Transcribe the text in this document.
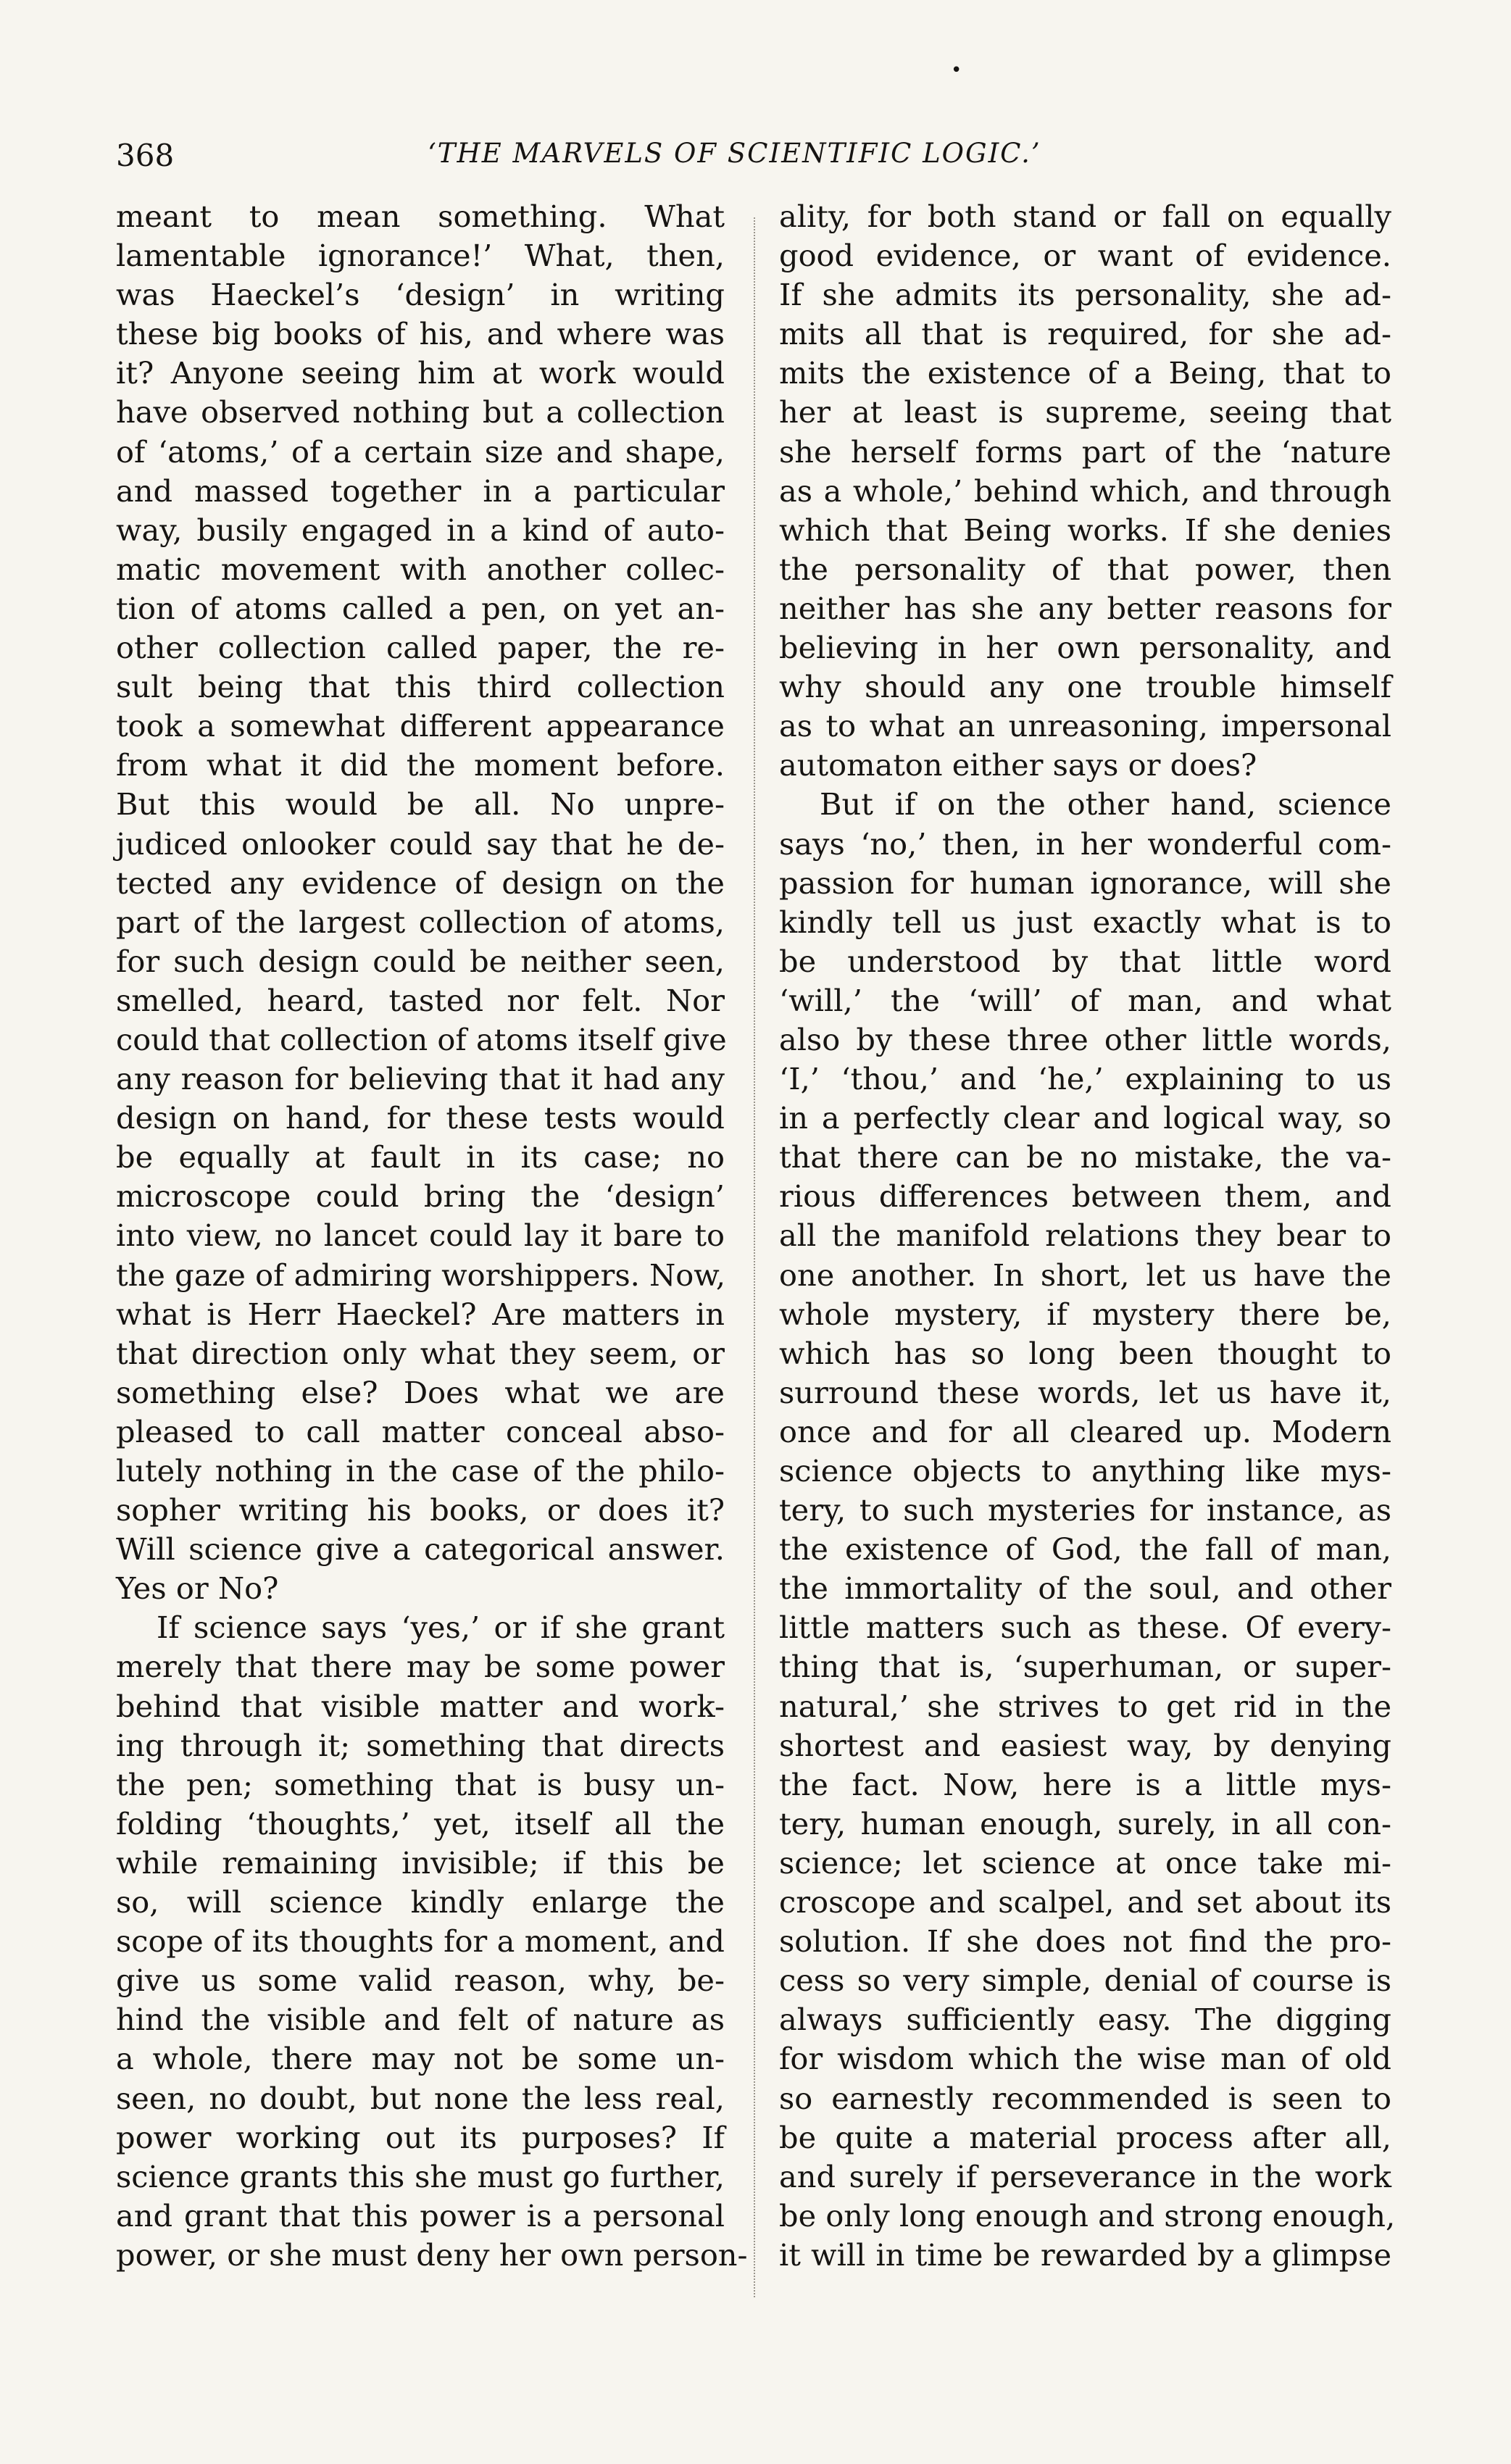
•
368	‘THE MARVELS OF SCIENTIFIC LOGIC.’
meant to mean something. What
lamentable ignorance!’ What, then,
was Haeckel’s ‘design’ in writing
these big books of his, and where was
it? Anyone seeing him at work would
have observed nothing but a collection
of ‘atoms,’ of a certain size and shape,
and massed together in a particular
way, busily engaged in a kind of auto-
matic movement with another collec-
tion of atoms called a pen, on yet an-
other collection called paper, the re-
sult being that this third collection
took a somewhat different appearance
from what it did the moment before.
But this would be all. No unpre-
judiced onlooker could say that he de-
tected any evidence of design on the
part of the largest collection of atoms,
for such design could be neither seen,
smelled, heard, tasted nor felt. Nor
could that collection of atoms itself give
any reason for believing that it had any
design on hand, for these tests would
be equally at fault in its case; no
microscope could bring the ‘design’
into view, no lancet could lay it bare to
the gaze of admiring worshippers. Now,
what is Herr Haeckel? Are matters in
that direction only what they seem, or
something else? Does what we are
pleased to call matter conceal abso-
lutely nothing in the case of the philo-
sopher writing his books, or does it?
Will science give a categorical answer.
Yes or No?
If science says ‘yes,’ or if she grant
merely that there may be some power
behind that visible matter and work-
ing through it; something that directs
the pen; something that is busy un-
folding ‘thoughts,’ yet, itself all the
while remaining invisible; if this be
so, will science kindly enlarge the
scope of its thoughts for a moment, and
give us some valid reason, why, be-
hind the visible and felt of nature as
a whole, there may not be some un-
seen, no doubt, but none the less real,
power working out its purposes? If
science grants this she must go further,
and grant that this power is a personal
power, or she must deny her own person-
ality, for both stand or fall on equally
good evidence, or want of evidence.
If she admits its personality, she ad-
mits all that is required, for she ad-
mits the existence of a Being, that to
her at least is supreme, seeing that
she herself forms part of the ‘nature
as a whole,’ behind which, and through
which that Being works. If she denies
the personality of that power, then
neither has she any better reasons for
believing in her own personality, and
why should any one trouble himself
as to what an unreasoning, impersonal
automaton either says or does?
But if on the other hand, science
says ‘no,’ then, in her wonderful com-
passion for human ignorance, will she
kindly tell us just exactly what is to
be understood by that little word
‘will,’ the ‘will’ of man, and what
also by these three other little words,
‘I,’ ‘thou,’ and ‘he,’ explaining to us
in a perfectly clear and logical way, so
that there can be no mistake, the va-
rious differences between them, and
all the manifold relations they bear to
one another. In short, let us have the
whole mystery, if mystery there be,
which has so long been thought to
surround these words, let us have it,
once and for all cleared up. Modern
science objects to anything like mys-
tery, to such mysteries for instance, as
the existence of God, the fall of man,
the immortality of the soul, and other
little matters such as these. Of every-
thing that is, ‘superhuman, or super-
natural,’ she strives to get rid in the
shortest and easiest way, by denying
the fact. Now, here is a little mys-
tery, human enough, surely, in all con-
science; let science at once take mi-
croscope and scalpel, and set about its
solution. If she does not find the pro-
cess so very simple, denial of course is
always sufficiently easy. The digging
for wisdom which the wise man of old
so earnestly recommended is seen to
be quite a material process after all,
and surely if perseverance in the work
be only long enough and strong enough,
it will in time be rewarded by a glimpse
